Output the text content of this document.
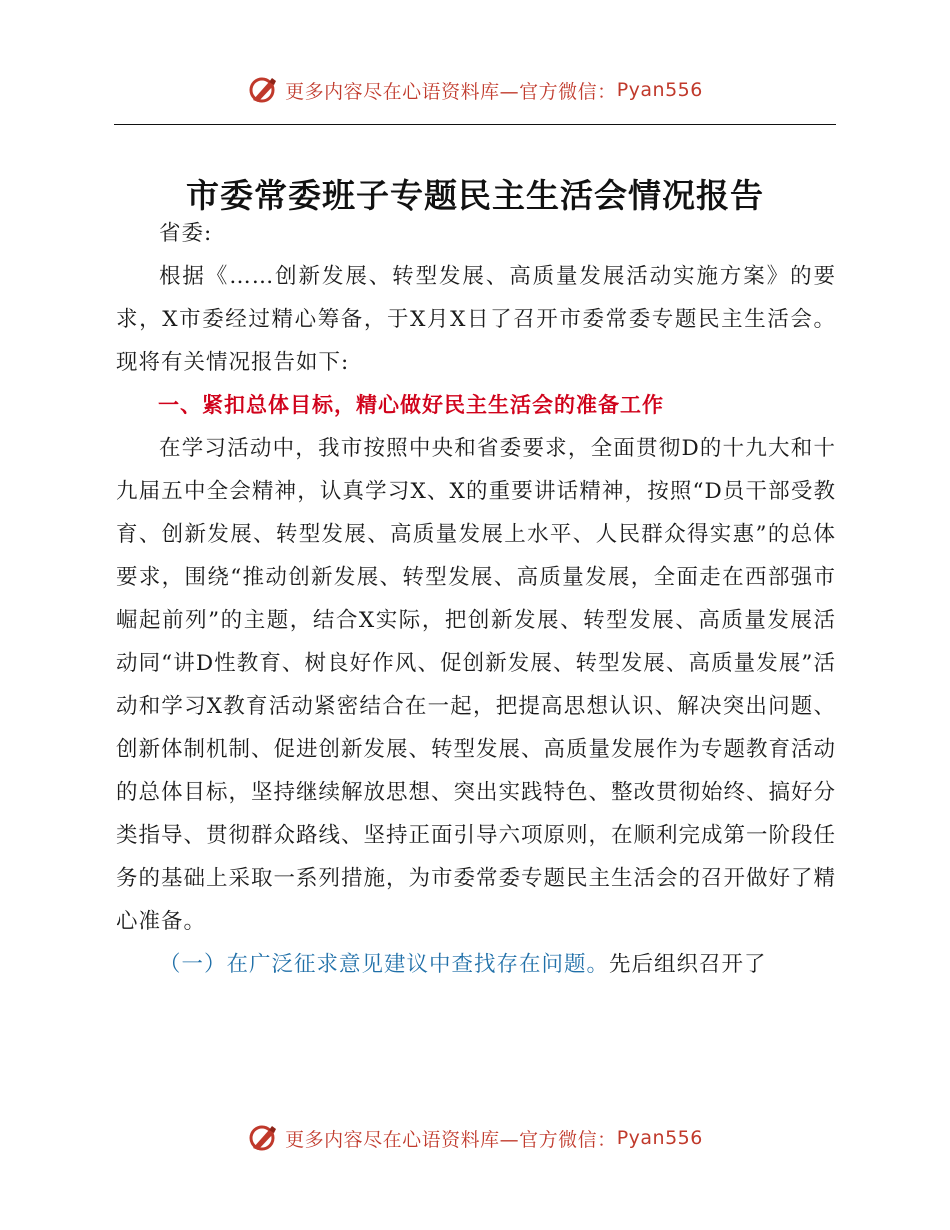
更多内容尽在心语资料库 —官方微信： Pyan556
市委常委班子专题民主生活会情况报告

省委:

根据《……创新发展、转型发展、高质量发展活动实施方案》的要求，X市委经过精心筹备，于X月X日了召开市委常委专题民主生活会。现将有关情况报告如下:

一、紧扣总体目标，精心做好民主生活会的准备工作

在学习活动中，我市按照中央和省委要求，全面贯彻D的十九大和十九届五中全会精神，认真学习X、X的重要讲话精神，按照“D员干部受教育、创新发展、转型发展、高质量发展上水平、人民群众得实惠”的总体要求，围绕“推动创新发展、转型发展、高质量发展，全面走在西部强市崛起前列”的主题，结合X实际，把创新发展、转型发展、高质量发展活动同“讲D性教育、树良好作风、促创新发展、转型发展、高质量发展”活动和学习X教育活动紧密结合在一起，把提高思想认识、解决突出问题、创新体制机制、促进创新发展、转型发展、高质量发展作为专题教育活动的总体目标，坚持继续解放思想、突出实践特色、整改贯彻始终、搞好分类指导、贯彻群众路线、坚持正面引导六项原则，在顺利完成第一阶段任务的基础上采取一系列措施，为市委常委专题民主生活会的召开做好了精心准备。

（一）在广泛征求意见建议中查找存在问题。先后组织召开了

更多内容尽在心语资料库 —官方微信： Pyan556
